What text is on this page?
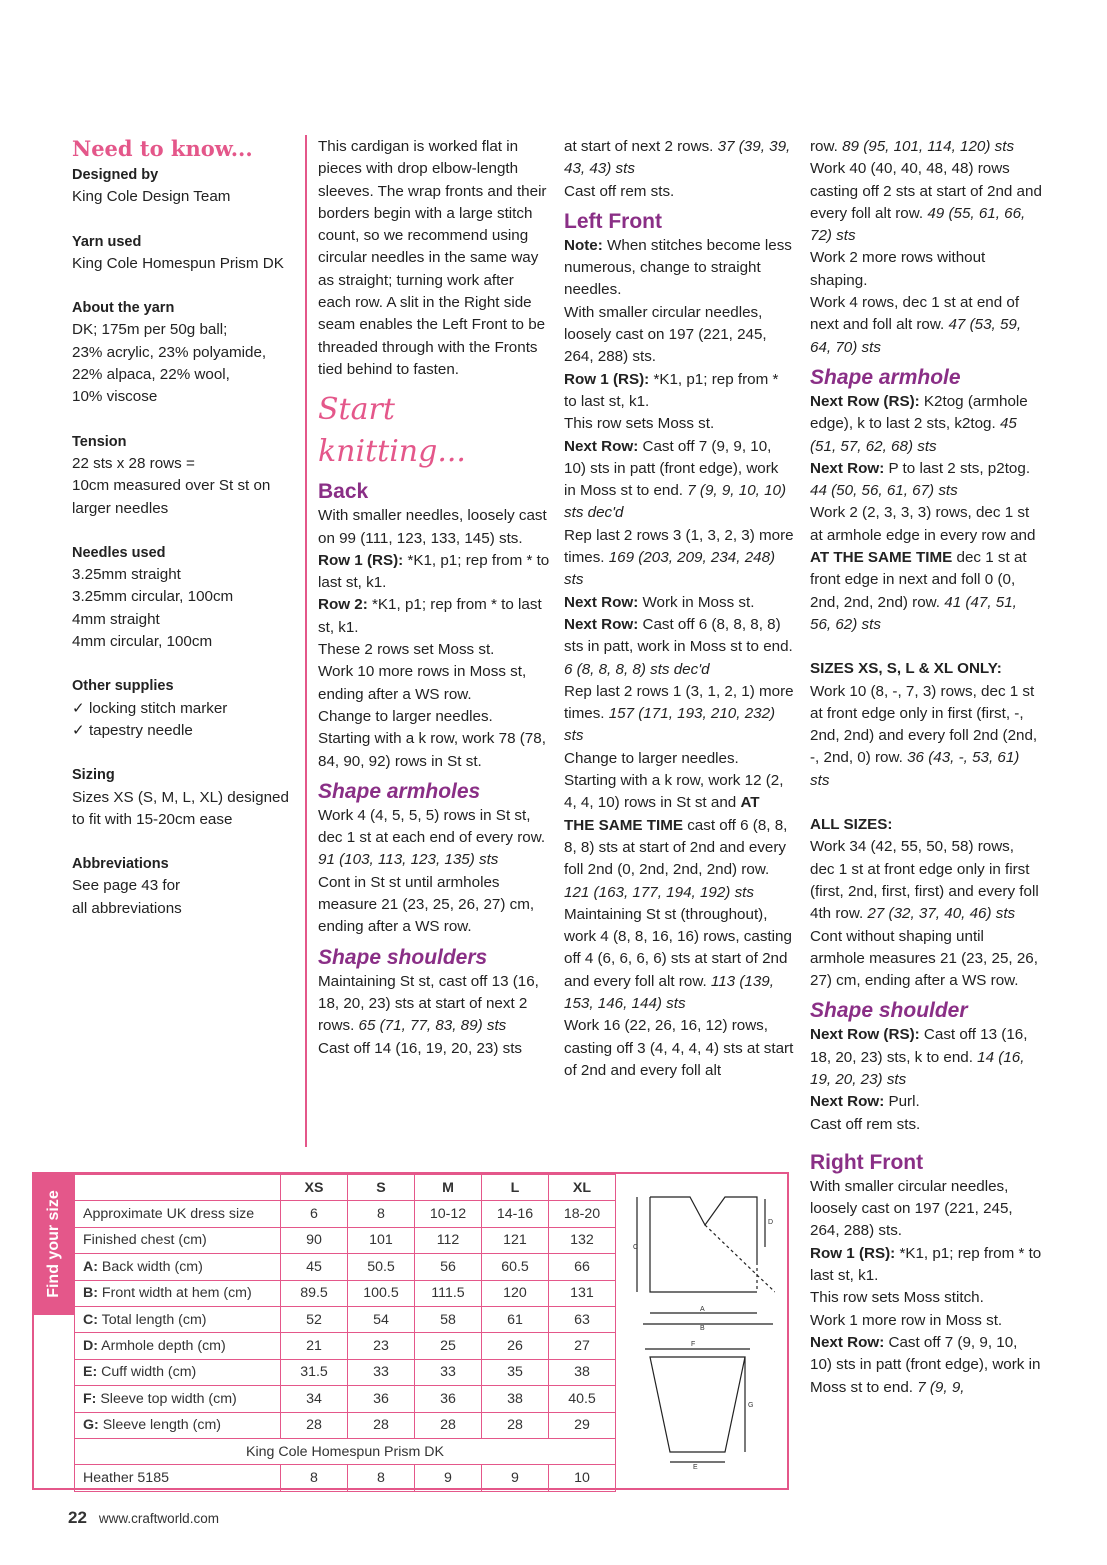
Need to know...
Designed by
King Cole Design Team
Yarn used
King Cole Homespun Prism DK
About the yarn
DK; 175m per 50g ball;
23% acrylic, 23% polyamide,
22% alpaca, 22% wool,
10% viscose
Tension
22 sts x 28 rows =
10cm measured over St st on
larger needles
Needles used
3.25mm straight
3.25mm circular, 100cm
4mm straight
4mm circular, 100cm
Other supplies
✓ locking stitch marker
✓ tapestry needle
Sizing
Sizes XS (S, M, L, XL) designed
to fit with 15-20cm ease
Abbreviations
See page 43 for
all abbreviations

This cardigan is worked flat in pieces with drop elbow-length sleeves. The wrap fronts and their borders begin with a large stitch count, so we recommend using circular needles in the same way as straight; turning work after each row. A slit in the Right side seam enables the Left Front to be threaded through with the Fronts tied behind to fasten.

Start knitting...
Back

With smaller needles, loosely cast on 99 (111, 123, 133, 145) sts.

Row 1 (RS): *K1, p1; rep from * to last st, k1.

Row 2: *K1, p1; rep from * to last st, k1.

These 2 rows set Moss st.

Work 10 more rows in Moss st, ending after a WS row.

Change to larger needles.

Starting with a k row, work 78 (78, 84, 90, 92) rows in St st.

Shape armholes

Work 4 (4, 5, 5, 5) rows in St st, dec 1 st at each end of every row. 91 (103, 113, 123, 135) sts

Cont in St st until armholes measure 21 (23, 25, 26, 27) cm, ending after a WS row.

Shape shoulders

Maintaining St st, cast off 13 (16, 18, 20, 23) sts at start of next 2 rows. 65 (71, 77, 83, 89) sts

Cast off 14 (16, 19, 20, 23) sts

at start of next 2 rows. 37 (39, 39, 43, 43) sts

Cast off rem sts.

Left Front

Note: When stitches become less numerous, change to straight needles.

With smaller circular needles, loosely cast on 197 (221, 245, 264, 288) sts.

Row 1 (RS): *K1, p1; rep from * to last st, k1.

This row sets Moss st.

Next Row: Cast off 7 (9, 9, 10, 10) sts in patt (front edge), work in Moss st to end. 7 (9, 9, 10, 10) sts dec'd

Rep last 2 rows 3 (1, 3, 2, 3) more times. 169 (203, 209, 234, 248) sts

Next Row: Work in Moss st.

Next Row: Cast off 6 (8, 8, 8, 8) sts in patt, work in Moss st to end. 6 (8, 8, 8, 8) sts dec'd

Rep last 2 rows 1 (3, 1, 2, 1) more times. 157 (171, 193, 210, 232) sts

Change to larger needles.

Starting with a k row, work 12 (2, 4, 4, 10) rows in St st and AT THE SAME TIME cast off 6 (8, 8, 8, 8) sts at start of 2nd and every foll 2nd (0, 2nd, 2nd, 2nd) row. 121 (163, 177, 194, 192) sts

Maintaining St st (throughout), work 4 (8, 8, 16, 16) rows, casting off 4 (6, 6, 6, 6) sts at start of 2nd and every foll alt row. 113 (139, 153, 146, 144) sts

Work 16 (22, 26, 16, 12) rows, casting off 3 (4, 4, 4, 4) sts at start of 2nd and every foll alt

row. 89 (95, 101, 114, 120) sts

Work 40 (40, 40, 48, 48) rows casting off 2 sts at start of 2nd and every foll alt row. 49 (55, 61, 66, 72) sts

Work 2 more rows without shaping.

Work 4 rows, dec 1 st at end of next and foll alt row. 47 (53, 59, 64, 70) sts

Shape armhole

Next Row (RS): K2tog (armhole edge), k to last 2 sts, k2tog. 45 (51, 57, 62, 68) sts

Next Row: P to last 2 sts, p2tog. 44 (50, 56, 61, 67) sts

Work 2 (2, 3, 3, 3) rows, dec 1 st at armhole edge in every row and AT THE SAME TIME dec 1 st at front edge in next and foll 0 (0, 2nd, 2nd, 2nd) row. 41 (47, 51, 56, 62) sts

SIZES XS, S, L & XL ONLY:

Work 10 (8, -, 7, 3) rows, dec 1 st at front edge only in first (first, -, 2nd, 2nd) and every foll 2nd (2nd, -, 2nd, 0) row. 36 (43, -, 53, 61) sts

ALL SIZES:

Work 34 (42, 55, 50, 58) rows, dec 1 st at front edge only in first (first, 2nd, first, first) and every foll 4th row. 27 (32, 37, 40, 46) sts

Cont without shaping until armhole measures 21 (23, 25, 26, 27) cm, ending after a WS row.

Shape shoulder

Next Row (RS): Cast off 13 (16, 18, 20, 23) sts, k to end. 14 (16, 19, 20, 23) sts

Next Row: Purl.

Cast off rem sts.

Right Front

With smaller circular needles, loosely cast on 197 (221, 245, 264, 288) sts.

Row 1 (RS): *K1, p1; rep from * to last st, k1.

This row sets Moss stitch.

Work 1 more row in Moss st.

Next Row: Cast off 7 (9, 9, 10, 10) sts in patt (front edge), work in Moss st to end. 7 (9, 9,

Find your size
	XS	S	M	L	XL
Approximate UK dress size	6	8	10-12	14-16	18-20
Finished chest (cm)	90	101	112	121	132
A: Back width (cm)	45	50.5	56	60.5	66
B: Front width at hem (cm)	89.5	100.5	111.5	120	131
C: Total length (cm)	52	54	58	61	63
D: Armhole depth (cm)	21	23	25	26	27
E: Cuff width (cm)	31.5	33	33	35	38
F: Sleeve top width (cm)	34	36	36	38	40.5
G: Sleeve length (cm)	28	28	28	28	29
King Cole Homespun Prism DK					
Heather 5185	8	8	9	9	10
C
D
A
B
F
G
E
22 www.craftworld.com
